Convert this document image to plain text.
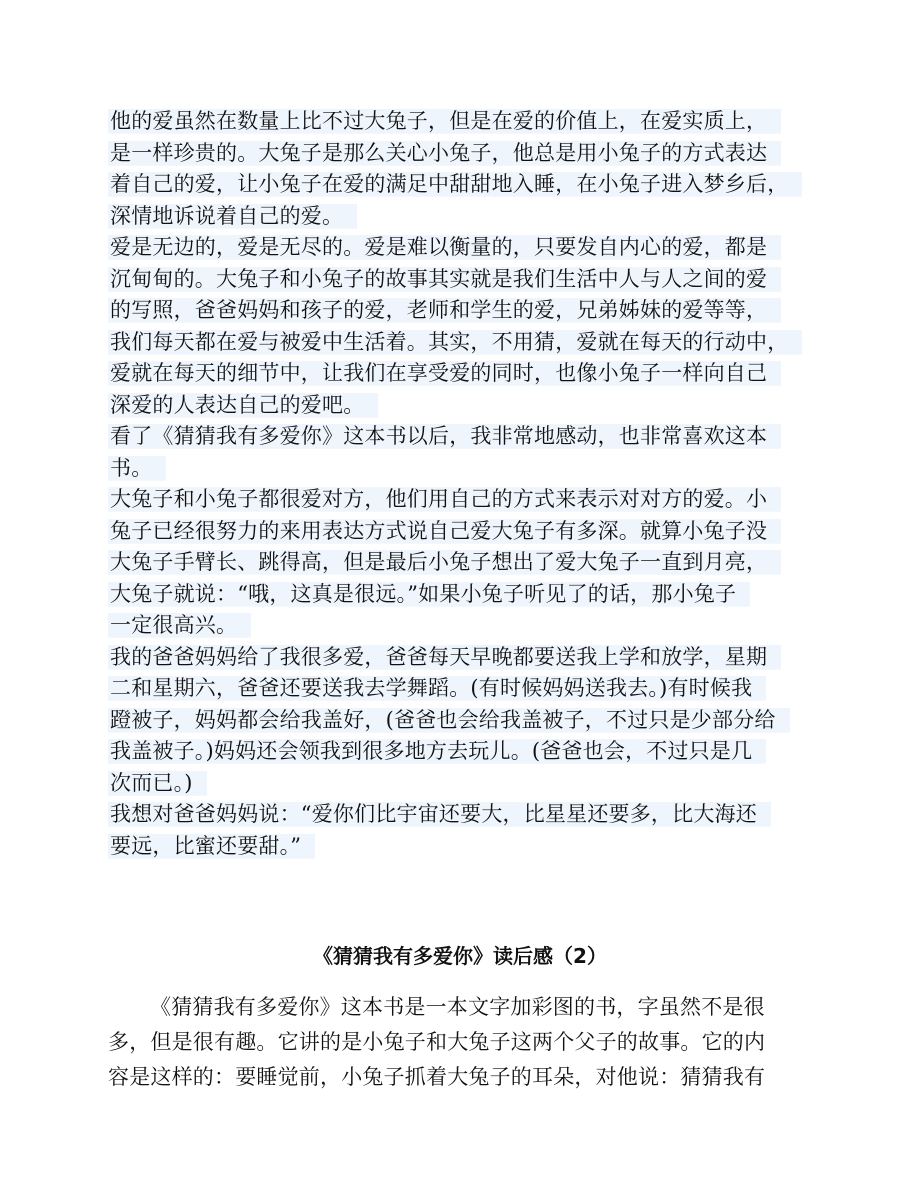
他的爱虽然在数量上比不过大兔子，但是在爱的价值上，在爱实质上，
是一样珍贵的。大兔子是那么关心小兔子，他总是用小兔子的方式表达
着自己的爱，让小兔子在爱的满足中甜甜地入睡，在小兔子进入梦乡后，
深情地诉说着自己的爱。
爱是无边的，爱是无尽的。爱是难以衡量的，只要发自内心的爱，都是
沉甸甸的。大兔子和小兔子的故事其实就是我们生活中人与人之间的爱
的写照，爸爸妈妈和孩子的爱，老师和学生的爱，兄弟姊妹的爱等等，
我们每天都在爱与被爱中生活着。其实，不用猜，爱就在每天的行动中，
爱就在每天的细节中，让我们在享受爱的同时，也像小兔子一样向自己
深爱的人表达自己的爱吧。
看了《猜猜我有多爱你》这本书以后，我非常地感动，也非常喜欢这本
书。
大兔子和小兔子都很爱对方，他们用自己的方式来表示对对方的爱。小
兔子已经很努力的来用表达方式说自己爱大兔子有多深。就算小兔子没
大兔子手臂长、跳得高，但是最后小兔子想出了爱大兔子一直到月亮，
大兔子就说：“哦，这真是很远。”如果小兔子听见了的话，那小兔子
一定很高兴。
我的爸爸妈妈给了我很多爱，爸爸每天早晚都要送我上学和放学，星期
二和星期六，爸爸还要送我去学舞蹈。(有时候妈妈送我去。)有时候我
蹬被子，妈妈都会给我盖好，(爸爸也会给我盖被子，不过只是少部分给
我盖被子。)妈妈还会领我到很多地方去玩儿。(爸爸也会，不过只是几
次而已。)
我想对爸爸妈妈说：“爱你们比宇宙还要大，比星星还要多，比大海还
要远，比蜜还要甜。”
《猜猜我有多爱你》读后感（2）
《猜猜我有多爱你》这本书是一本文字加彩图的书，字虽然不是很
多，但是很有趣。它讲的是小兔子和大兔子这两个父子的故事。它的内
容是这样的：要睡觉前，小兔子抓着大兔子的耳朵，对他说：猜猜我有
